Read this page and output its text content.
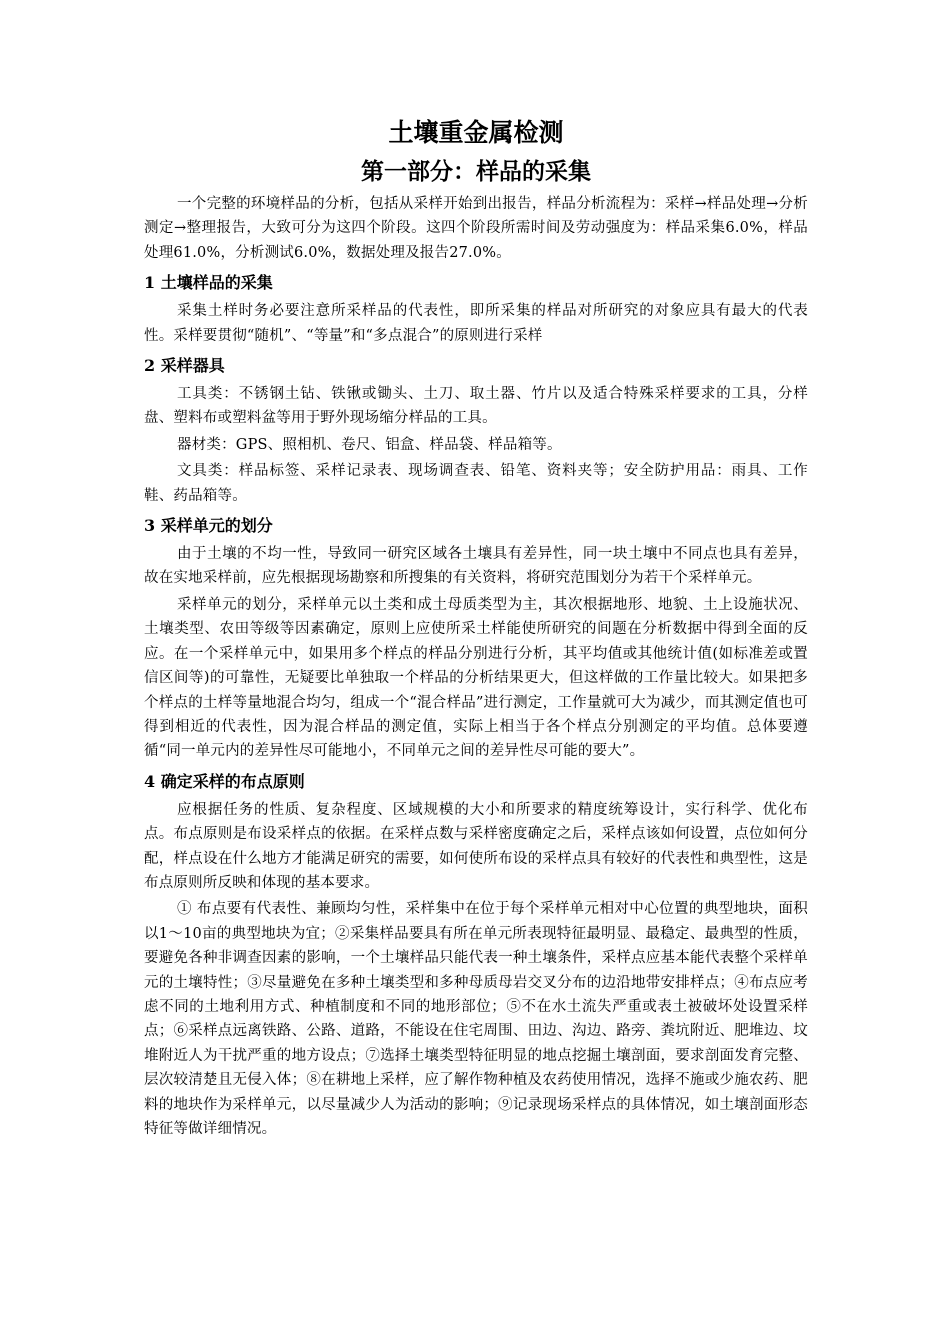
土壤重金属检测
第一部分：样品的采集

一个完整的环境样品的分析，包括从采样开始到出报告，样品分析流程为：采样→样品处理→分析测定→整理报告，大致可分为这四个阶段。这四个阶段所需时间及劳动强度为：样品采集6.0%，样品处理61.0%，分析测试6.0%，数据处理及报告27.0%。

1 土壤样品的采集

采集土样时务必要注意所采样品的代表性，即所采集的样品对所研究的对象应具有最大的代表性。采样要贯彻“随机”、“等量”和“多点混合”的原则进行采样

2 采样器具

工具类：不锈钢土钻、铁锹或锄头、土刀、取土器、竹片以及适合特殊采样要求的工具，分样盘、塑料布或塑料盆等用于野外现场缩分样品的工具。

器材类：GPS、照相机、卷尺、铝盒、样品袋、样品箱等。

文具类：样品标签、采样记录表、现场调查表、铅笔、资料夹等；安全防护用品：雨具、工作鞋、药品箱等。

3 采样单元的划分

由于土壤的不均一性，导致同一研究区域各土壤具有差异性，同一块土壤中不同点也具有差异，故在实地采样前，应先根据现场勘察和所搜集的有关资料，将研究范围划分为若干个采样单元。

采样单元的划分，采样单元以土类和成土母质类型为主，其次根据地形、地貌、土上设施状况、土壤类型、农田等级等因素确定，原则上应使所采土样能使所研究的间题在分析数据中得到全面的反应。在一个采样单元中，如果用多个样点的样品分别进行分析，其平均值或其他统计值(如标准差或置信区间等)的可靠性，无疑要比单独取一个样品的分析结果更大，但这样做的工作量比较大。如果把多个样点的土样等量地混合均匀，组成一个“混合样品”进行测定，工作量就可大为减少，而其测定值也可得到相近的代表性，因为混合样品的测定值，实际上相当于各个样点分别测定的平均值。总体要遵循“同一单元内的差异性尽可能地小，不同单元之间的差异性尽可能的要大”。

4 确定采样的布点原则

应根据任务的性质、复杂程度、区域规模的大小和所要求的精度统筹设计，实行科学、优化布点。布点原则是布设采样点的依据。在采样点数与采样密度确定之后，采样点该如何设置，点位如何分配，样点设在什么地方才能满足研究的需要，如何使所布设的采样点具有较好的代表性和典型性，这是布点原则所反映和体现的基本要求。

① 布点要有代表性、兼顾均匀性，采样集中在位于每个采样单元相对中心位置的典型地块，面积以1～10亩的典型地块为宜；②采集样品要具有所在单元所表现特征最明显、最稳定、最典型的性质，要避免各种非调查因素的影响，一个土壤样品只能代表一种土壤条件，采样点应基本能代表整个采样单元的土壤特性；③尽量避免在多种土壤类型和多种母质母岩交叉分布的边沿地带安排样点；④布点应考虑不同的土地利用方式、种植制度和不同的地形部位；⑤不在水土流失严重或表土被破坏处设置采样点；⑥采样点远离铁路、公路、道路，不能设在住宅周围、田边、沟边、路旁、粪坑附近、肥堆边、坟堆附近人为干扰严重的地方设点；⑦选择土壤类型特征明显的地点挖掘土壤剖面，要求剖面发育完整、层次较清楚且无侵入体；⑧在耕地上采样，应了解作物种植及农药使用情况，选择不施或少施农药、肥料的地块作为采样单元，以尽量减少人为活动的影响；⑨记录现场采样点的具体情况，如土壤剖面形态特征等做详细情况。
